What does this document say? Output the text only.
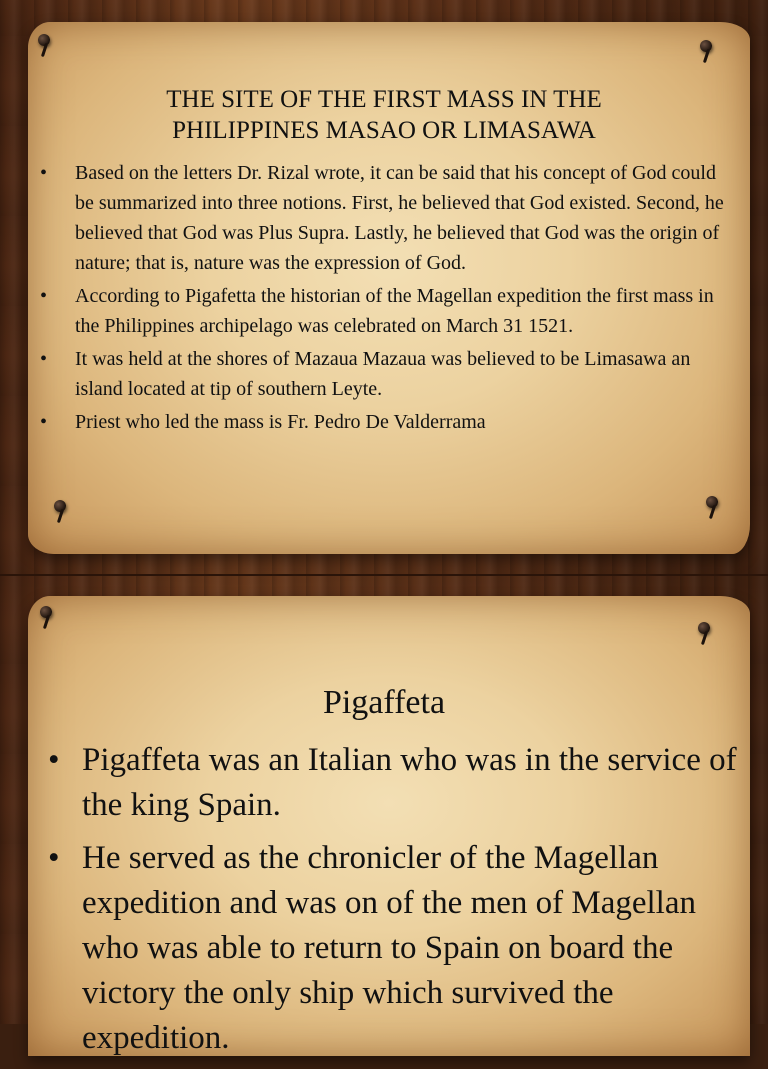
THE SITE OF THE FIRST MASS IN THE
PHILIPPINES MASAO OR LIMASAWA
• Based on the letters Dr. Rizal wrote, it can be said that his concept of God could be summarized into three notions. First, he believed that God existed. Second, he believed that God was Plus Supra. Lastly, he believed that God was the origin of nature; that is, nature was the expression of God.
• According to Pigafetta the historian of the Magellan expedition the first mass in the Philippines archipelago was celebrated on March 31 1521.
• It was held at the shores of Mazaua Mazaua was believed to be Limasawa an island located at tip of southern Leyte.
• Priest who led the mass is Fr. Pedro De Valderrama
Pigaffeta
• Pigaffeta was an Italian who was in the service of the king Spain.
• He served as the chronicler of the Magellan expedition and was on of the men of Magellan who was able to return to Spain on board the victory the only ship which survived the expedition.
